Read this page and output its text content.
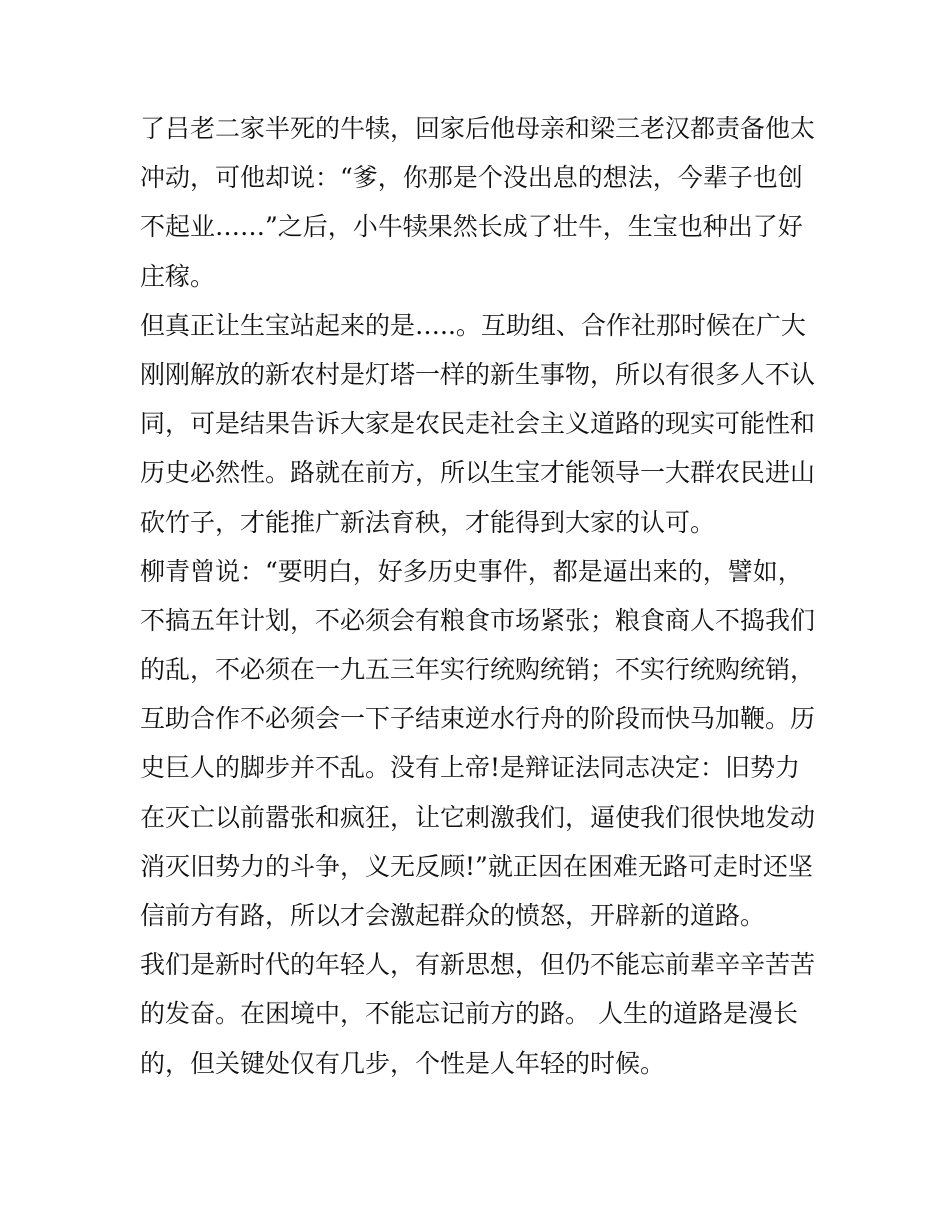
了吕老二家半死的牛犊，回家后他母亲和梁三老汉都责备他太
冲动，可他却说：“爹，你那是个没出息的想法，今辈子也创
不起业……”之后，小牛犊果然长成了壮牛，生宝也种出了好
庄稼。
但真正让生宝站起来的是…..。互助组、合作社那时候在广大
刚刚解放的新农村是灯塔一样的新生事物，所以有很多人不认
同，可是结果告诉大家是农民走社会主义道路的现实可能性和
历史必然性。路就在前方，所以生宝才能领导一大群农民进山
砍竹子，才能推广新法育秧，才能得到大家的认可。
柳青曾说：“要明白，好多历史事件，都是逼出来的，譬如，
不搞五年计划，不必须会有粮食市场紧张；粮食商人不捣我们
的乱，不必须在一九五三年实行统购统销；不实行统购统销，
互助合作不必须会一下子结束逆水行舟的阶段而快马加鞭。历
史巨人的脚步并不乱。没有上帝!是辩证法同志决定：旧势力
在灭亡以前嚣张和疯狂，让它刺激我们，逼使我们很快地发动
消灭旧势力的斗争，义无反顾!”就正因在困难无路可走时还坚
信前方有路，所以才会激起群众的愤怒，开辟新的道路。
我们是新时代的年轻人，有新思想，但仍不能忘前辈辛辛苦苦
的发奋。在困境中，不能忘记前方的路。 人生的道路是漫长
的，但关键处仅有几步，个性是人年轻的时候。
